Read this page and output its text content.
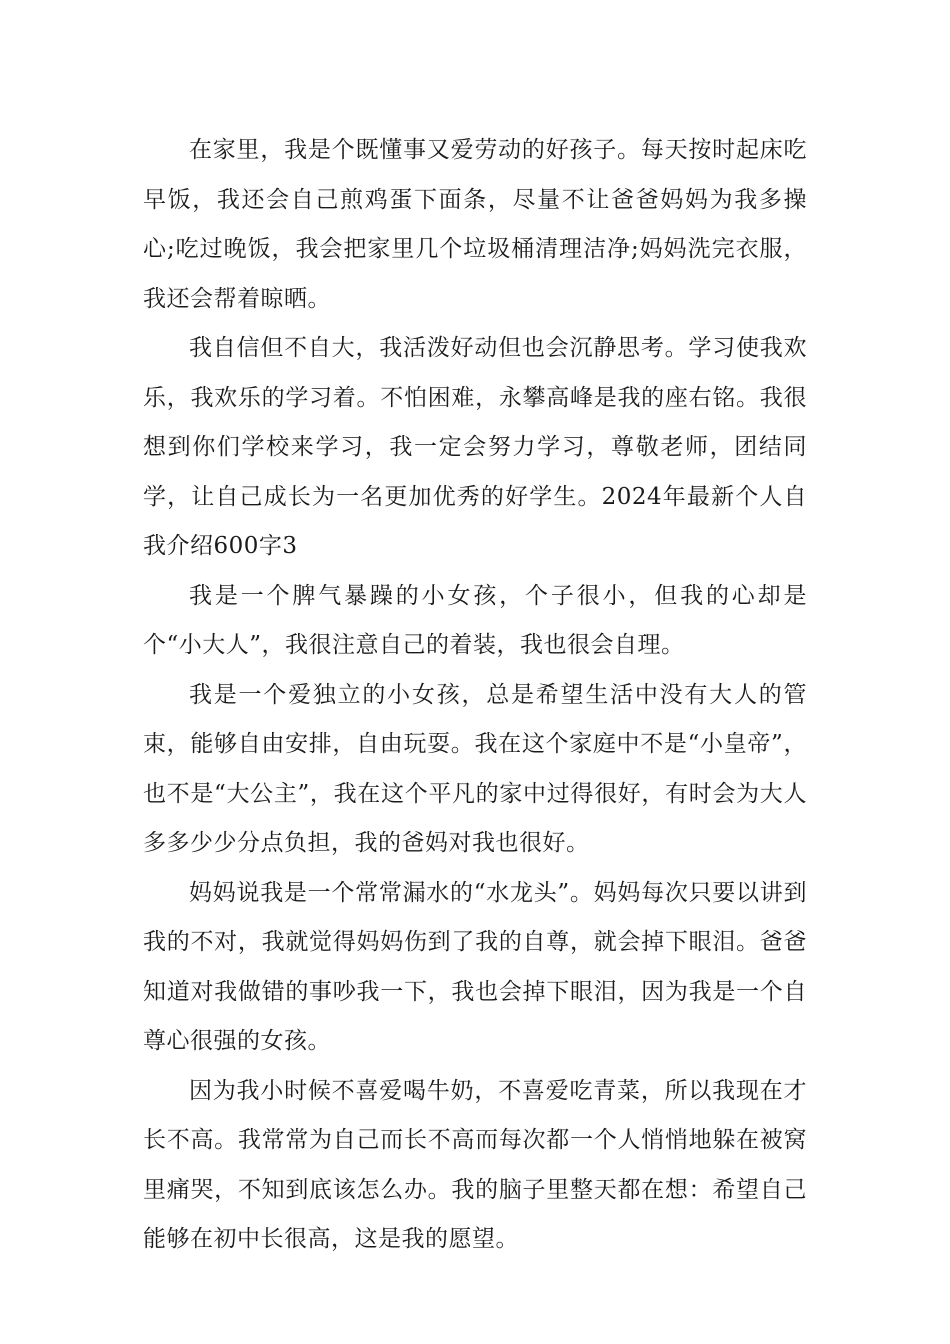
在家里，我是个既懂事又爱劳动的好孩子。每天按时起床吃早饭，我还会自己煎鸡蛋下面条，尽量不让爸爸妈妈为我多操心;吃过晚饭，我会把家里几个垃圾桶清理洁净;妈妈洗完衣服，我还会帮着晾晒。

我自信但不自大，我活泼好动但也会沉静思考。学习使我欢乐，我欢乐的学习着。不怕困难，永攀高峰是我的座右铭。我很想到你们学校来学习，我一定会努力学习，尊敬老师，团结同学，让自己成长为一名更加优秀的好学生。2024年最新个人自我介绍600字3

我是一个脾气暴躁的小女孩，个子很小，但我的心却是个“小大人”，我很注意自己的着装，我也很会自理。

我是一个爱独立的小女孩，总是希望生活中没有大人的管束，能够自由安排，自由玩耍。我在这个家庭中不是“小皇帝”，也不是“大公主”，我在这个平凡的家中过得很好，有时会为大人多多少少分点负担，我的爸妈对我也很好。

妈妈说我是一个常常漏水的“水龙头”。妈妈每次只要以讲到我的不对，我就觉得妈妈伤到了我的自尊，就会掉下眼泪。爸爸知道对我做错的事吵我一下，我也会掉下眼泪，因为我是一个自尊心很强的女孩。

因为我小时候不喜爱喝牛奶，不喜爱吃青菜，所以我现在才长不高。我常常为自己而长不高而每次都一个人悄悄地躲在被窝里痛哭，不知到底该怎么办。我的脑子里整天都在想：希望自己能够在初中长很高，这是我的愿望。
